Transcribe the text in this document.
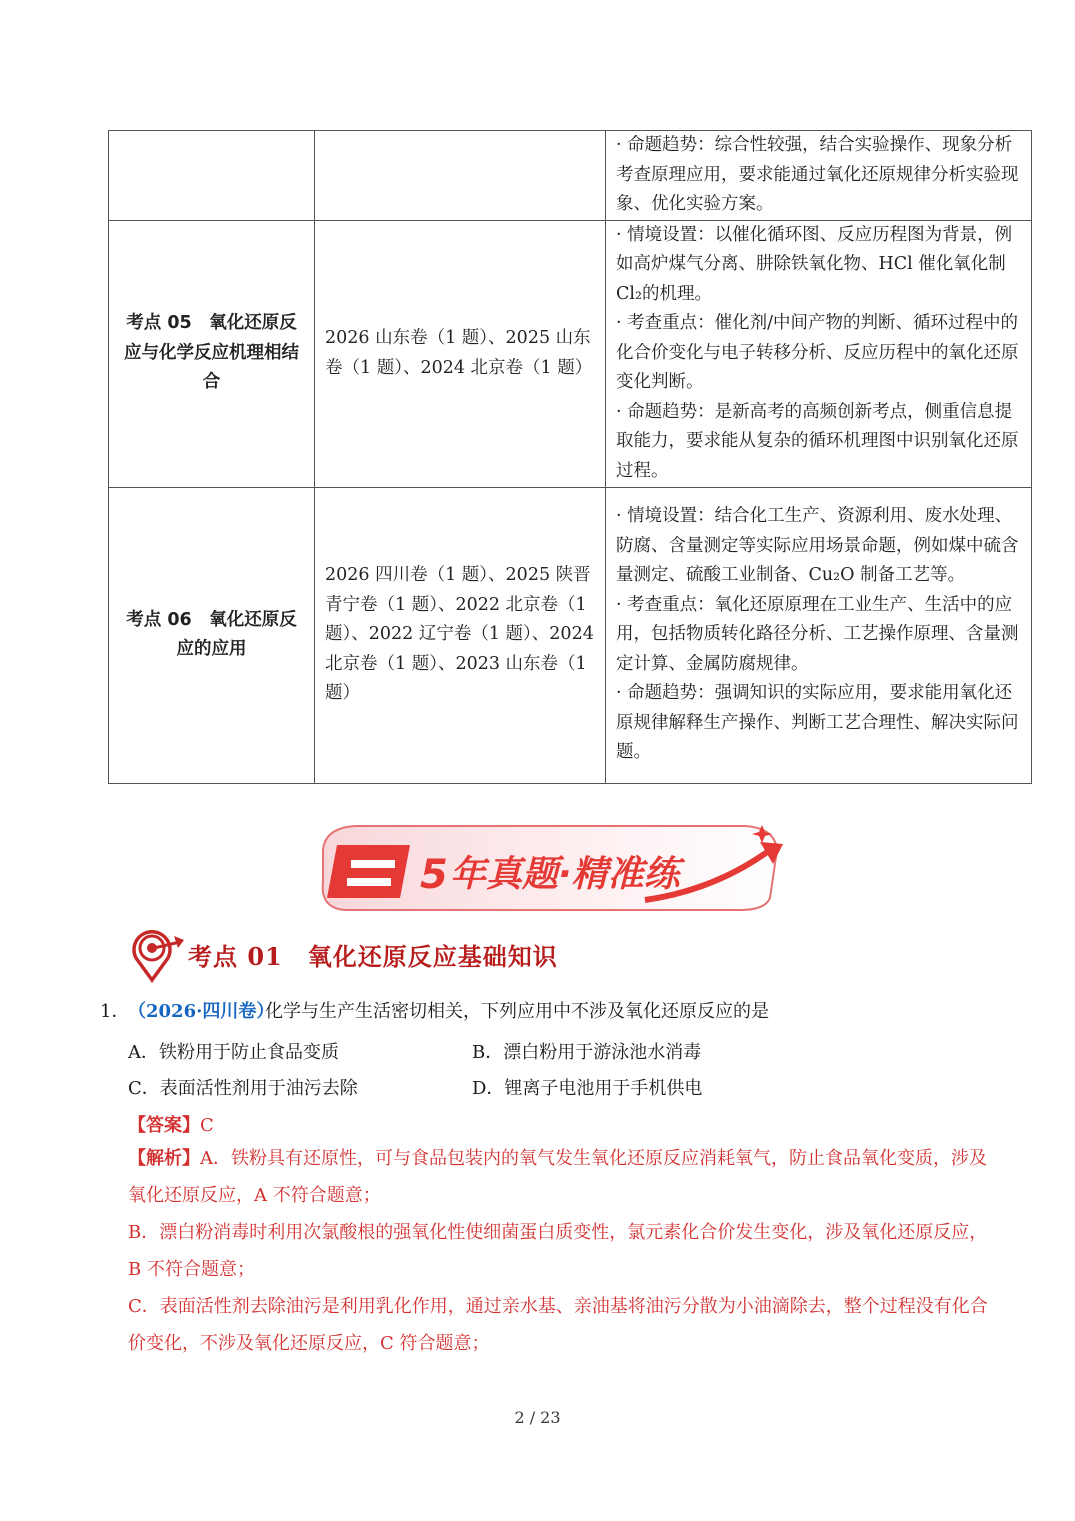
		· 命题趋势：综合性较强，结合实验操作、现象分析考查原理应用，要求能通过氧化还原规律分析实验现象、优化实验方案。

考点 05　氧化还原反应与化学反应机理相结合	2026 山东卷（1 题）、2025 山东卷（1 题）、2024 北京卷（1 题）	· 情境设置：以催化循环图、反应历程图为背景，例如高炉煤气分离、肼除铁氧化物、HCl 催化氧化制 Cl₂的机理。
· 考查重点：催化剂/中间产物的判断、循环过程中的化合价变化与电子转移分析、反应历程中的氧化还原变化判断。
· 命题趋势：是新高考的高频创新考点，侧重信息提取能力，要求能从复杂的循环机理图中识别氧化还原过程。

考点 06　氧化还原反应的应用	2026 四川卷（1 题）、2025 陕晋青宁卷（1 题）、2022 北京卷（1 题）、2022 辽宁卷（1 题）、2024 北京卷（1 题）、2023 山东卷（1 题）	· 情境设置：结合化工生产、资源利用、废水处理、防腐、含量测定等实际应用场景命题，例如煤中硫含量测定、硫酸工业制备、Cu₂O 制备工艺等。
· 考查重点：氧化还原原理在工业生产、生活中的应用，包括物质转化路径分析、工艺操作原理、含量测定计算、金属防腐规律。
· 命题趋势：强调知识的实际应用，要求能用氧化还原规律解释生产操作、判断工艺合理性、解决实际问题。
5 年真题·精准练
考点 01　氧化还原反应基础知识
1．
（2026·四川卷）
化学与生产生活密切相关，下列应用中不涉及氧化还原反应的是
A．铁粉用于防止食品变质	B．漂白粉用于游泳池水消毒
C．表面活性剂用于油污去除	D．锂离子电池用于手机供电
【答案】C
【解析】A．铁粉具有还原性，可与食品包装内的氧气发生氧化还原反应消耗氧气，防止食品氧化变质，涉及氧化还原反应，A 不符合题意；
B．漂白粉消毒时利用次氯酸根的强氧化性使细菌蛋白质变性，氯元素化合价发生变化，涉及氧化还原反应，B 不符合题意；
C．表面活性剂去除油污是利用乳化作用，通过亲水基、亲油基将油污分散为小油滴除去，整个过程没有化合价变化，不涉及氧化还原反应，C 符合题意；
2 / 23
